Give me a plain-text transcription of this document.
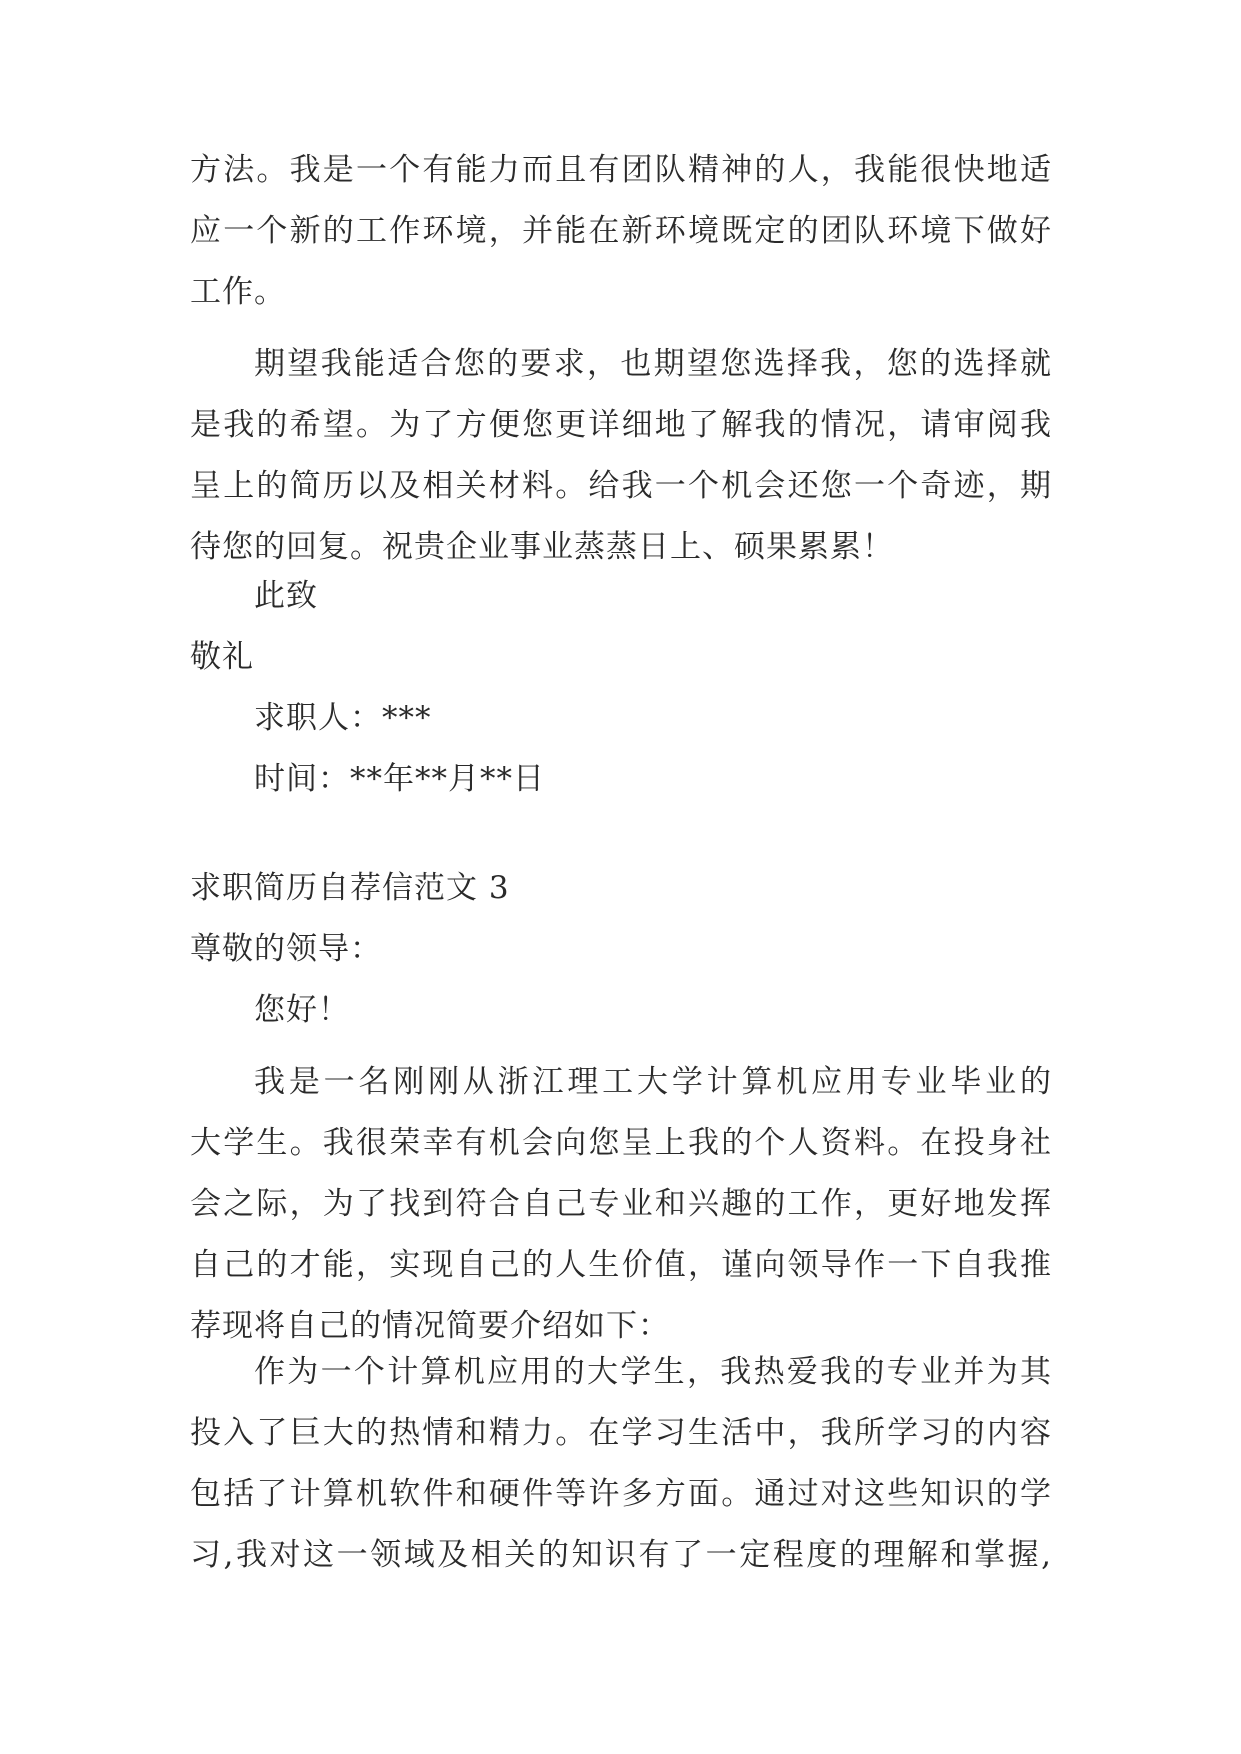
方法。我是一个有能力而且有团队精神的人，我能很快地适
应一个新的工作环境，并能在新环境既定的团队环境下做好
工作。
期望我能适合您的要求，也期望您选择我，您的选择就
是我的希望。为了方便您更详细地了解我的情况，请审阅我
呈上的简历以及相关材料。给我一个机会还您一个奇迹，期
待您的回复。祝贵企业事业蒸蒸日上、硕果累累！
此致
敬礼
求职人：***
时间：**年**月**日
求职简历自荐信范文 3
尊敬的领导：
您好！
我是一名刚刚从浙江理工大学计算机应用专业毕业的
大学生。我很荣幸有机会向您呈上我的个人资料。在投身社
会之际，为了找到符合自己专业和兴趣的工作，更好地发挥
自己的才能，实现自己的人生价值，谨向领导作一下自我推
荐现将自己的情况简要介绍如下：
作为一个计算机应用的大学生，我热爱我的专业并为其
投入了巨大的热情和精力。在学习生活中，我所学习的内容
包括了计算机软件和硬件等许多方面。通过对这些知识的学
习,我对这一领域及相关的知识有了一定程度的理解和掌握,
